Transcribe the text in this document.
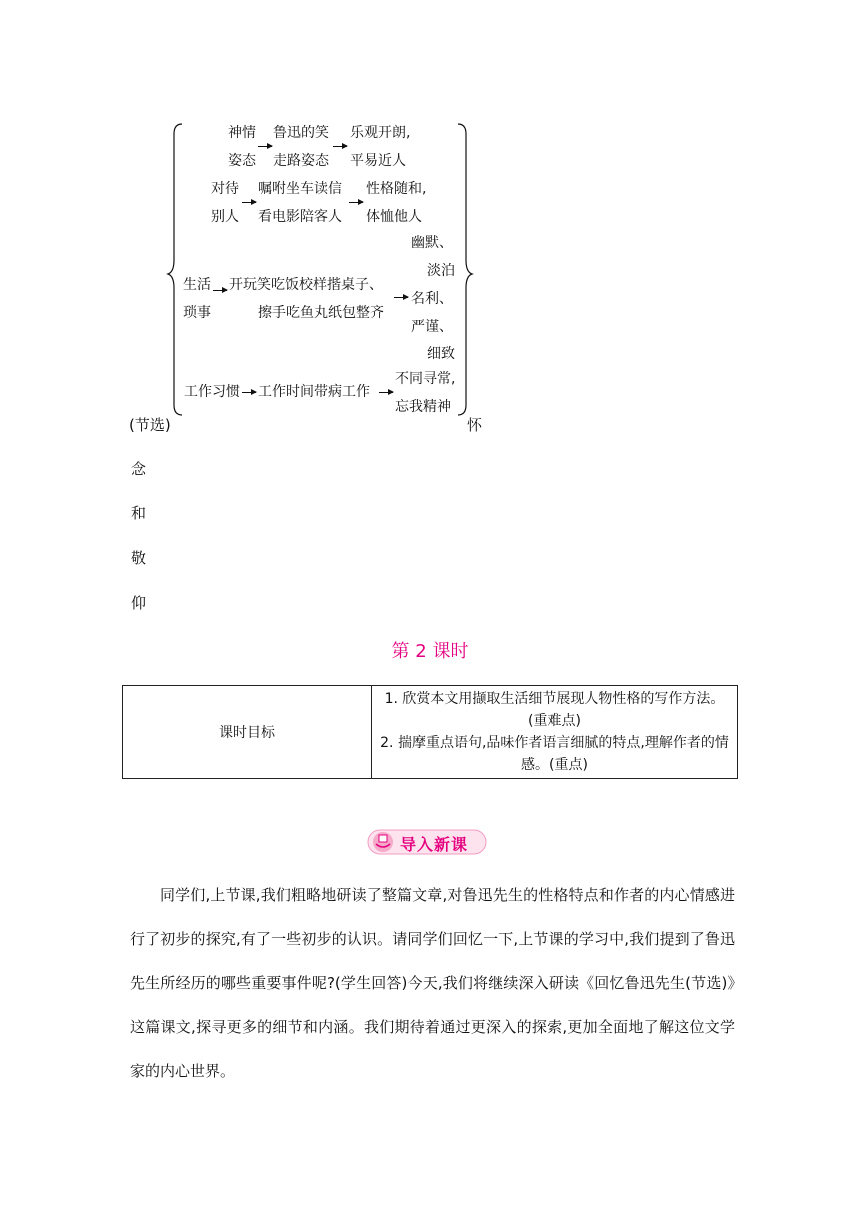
神情
姿态
鲁迅的笑
走路姿态
乐观开朗,
平易近人
对待
别人
嘱咐坐车读信
看电影陪客人
性格随和,
体恤他人
生活
琐事
开玩笑吃饭校样揩桌子、
擦手吃鱼丸纸包整齐
幽默、
淡泊
名利、
严谨、
细致
工作习惯 工作时间带病工作
不同寻常,
忘我精神
(节选)	怀
念
和
敬
仰
第 2 课时
课时目标	
1. 欣赏本文用撷取生活细节展现人物性格的写作方法。(重难点)
2. 揣摩重点语句,品味作者语言细腻的特点,理解作者的情感。(重点)
导入新课

同学们,上节课,我们粗略地研读了整篇文章,对鲁迅先生的性格特点和作者的内心情感进行了初步的探究,有了一些初步的认识。请同学们回忆一下,上节课的学习中,我们提到了鲁迅先生所经历的哪些重要事件呢?(学生回答)今天,我们将继续深入研读《回忆鲁迅先生(节选)》这篇课文,探寻更多的细节和内涵。我们期待着通过更深入的探索,更加全面地了解这位文学家的内心世界。
